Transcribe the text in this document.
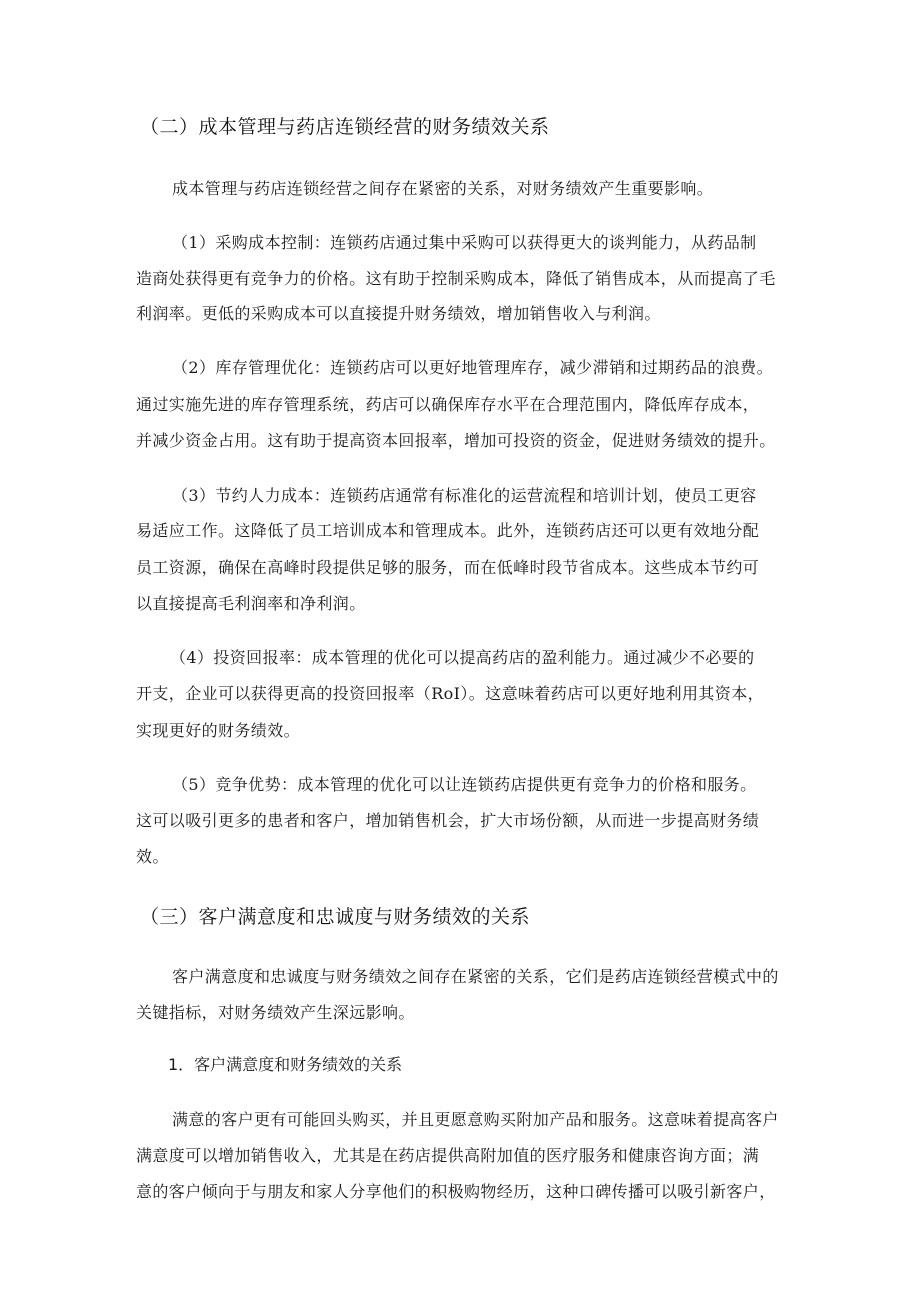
（二）成本管理与药店连锁经营的财务绩效关系
成本管理与药店连锁经营之间存在紧密的关系，对财务绩效产生重要影响。
（1）采购成本控制：连锁药店通过集中采购可以获得更大的谈判能力，从药品制
造商处获得更有竞争力的价格。这有助于控制采购成本，降低了销售成本，从而提高了毛
利润率。更低的采购成本可以直接提升财务绩效，增加销售收入与利润。
（2）库存管理优化：连锁药店可以更好地管理库存，减少滞销和过期药品的浪费。
通过实施先进的库存管理系统，药店可以确保库存水平在合理范围内，降低库存成本，
并减少资金占用。这有助于提高资本回报率，增加可投资的资金，促进财务绩效的提升。
（3）节约人力成本：连锁药店通常有标准化的运营流程和培训计划，使员工更容
易适应工作。这降低了员工培训成本和管理成本。此外，连锁药店还可以更有效地分配
员工资源，确保在高峰时段提供足够的服务，而在低峰时段节省成本。这些成本节约可
以直接提高毛利润率和净利润。
（4）投资回报率：成本管理的优化可以提高药店的盈利能力。通过减少不必要的
开支，企业可以获得更高的投资回报率（RoI）。这意味着药店可以更好地利用其资本，
实现更好的财务绩效。
（5）竞争优势：成本管理的优化可以让连锁药店提供更有竞争力的价格和服务。
这可以吸引更多的患者和客户，增加销售机会，扩大市场份额，从而进一步提高财务绩
效。
（三）客户满意度和忠诚度与财务绩效的关系
客户满意度和忠诚度与财务绩效之间存在紧密的关系，它们是药店连锁经营模式中的
关键指标，对财务绩效产生深远影响。
1．客户满意度和财务绩效的关系
满意的客户更有可能回头购买，并且更愿意购买附加产品和服务。这意味着提高客户
满意度可以增加销售收入，尤其是在药店提供高附加值的医疗服务和健康咨询方面；满
意的客户倾向于与朋友和家人分享他们的积极购物经历，这种口碑传播可以吸引新客户，
